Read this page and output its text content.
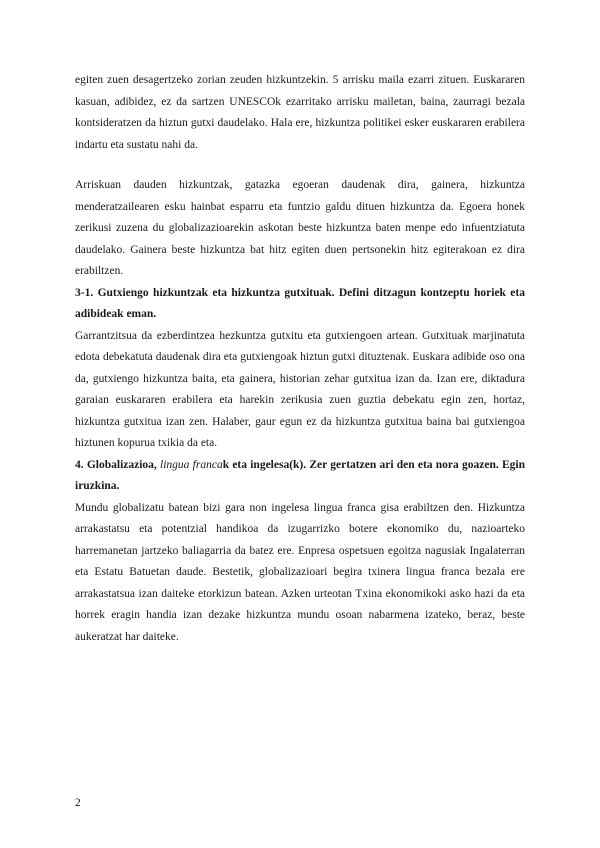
egiten zuen desagertzeko zorian zeuden hizkuntzekin. 5 arrisku maila ezarri zituen. Euskararen kasuan, adibidez, ez da sartzen UNESCOk ezarritako arrisku mailetan, baina, zaurragi bezala kontsideratzen da hiztun gutxi daudelako. Hala ere, hizkuntza politikei esker euskararen erabilera indartu eta sustatu nahi da.

Arriskuan dauden hizkuntzak, gatazka egoeran daudenak dira, gainera, hizkuntza menderatzailearen esku hainbat esparru eta funtzio galdu dituen hizkuntza da. Egoera honek zerikusi zuzena du globalizazioarekin askotan beste hizkuntza baten menpe edo infuentziatuta daudelako. Gainera beste hizkuntza bat hitz egiten duen pertsonekin hitz egiterakoan ez dira erabiltzen.

3-1. Gutxiengo hizkuntzak eta hizkuntza gutxituak. Defini ditzagun kontzeptu horiek eta adibideak eman.

Garrantzitsua da ezberdintzea hezkuntza gutxitu eta gutxiengoen artean. Gutxituak marjinatuta edota debekatuta daudenak dira eta gutxiengoak hiztun gutxi dituztenak. Euskara adibide oso ona da, gutxiengo hizkuntza baita, eta gainera, historian zehar gutxitua izan da. Izan ere, diktadura garaian euskararen erabilera eta harekin zerikusia zuen guztia debekatu egin zen, hortaz, hizkuntza gutxitua izan zen. Halaber, gaur egun ez da hizkuntza gutxitua baina bai gutxiengoa hiztunen kopurua txikia da eta.

4. Globalizazioa, lingua francak eta ingelesa(k). Zer gertatzen ari den eta nora goazen. Egin iruzkina.

Mundu globalizatu batean bizi gara non ingelesa lingua franca gisa erabiltzen den. Hizkuntza arrakastatsu eta potentzial handikoa da izugarrizko botere ekonomiko du, nazioarteko harremanetan jartzeko baliagarria da batez ere. Enpresa ospetsuen egoitza nagusiak Ingalaterran eta Estatu Batuetan daude. Bestetik, globalizazioari begira txinera lingua franca bezala ere arrakastatsua izan daiteke etorkizun batean. Azken urteotan Txina ekonomikoki asko hazi da eta horrek eragin handia izan dezake hizkuntza mundu osoan nabarmena izateko, beraz, beste aukeratzat har daiteke.

2
